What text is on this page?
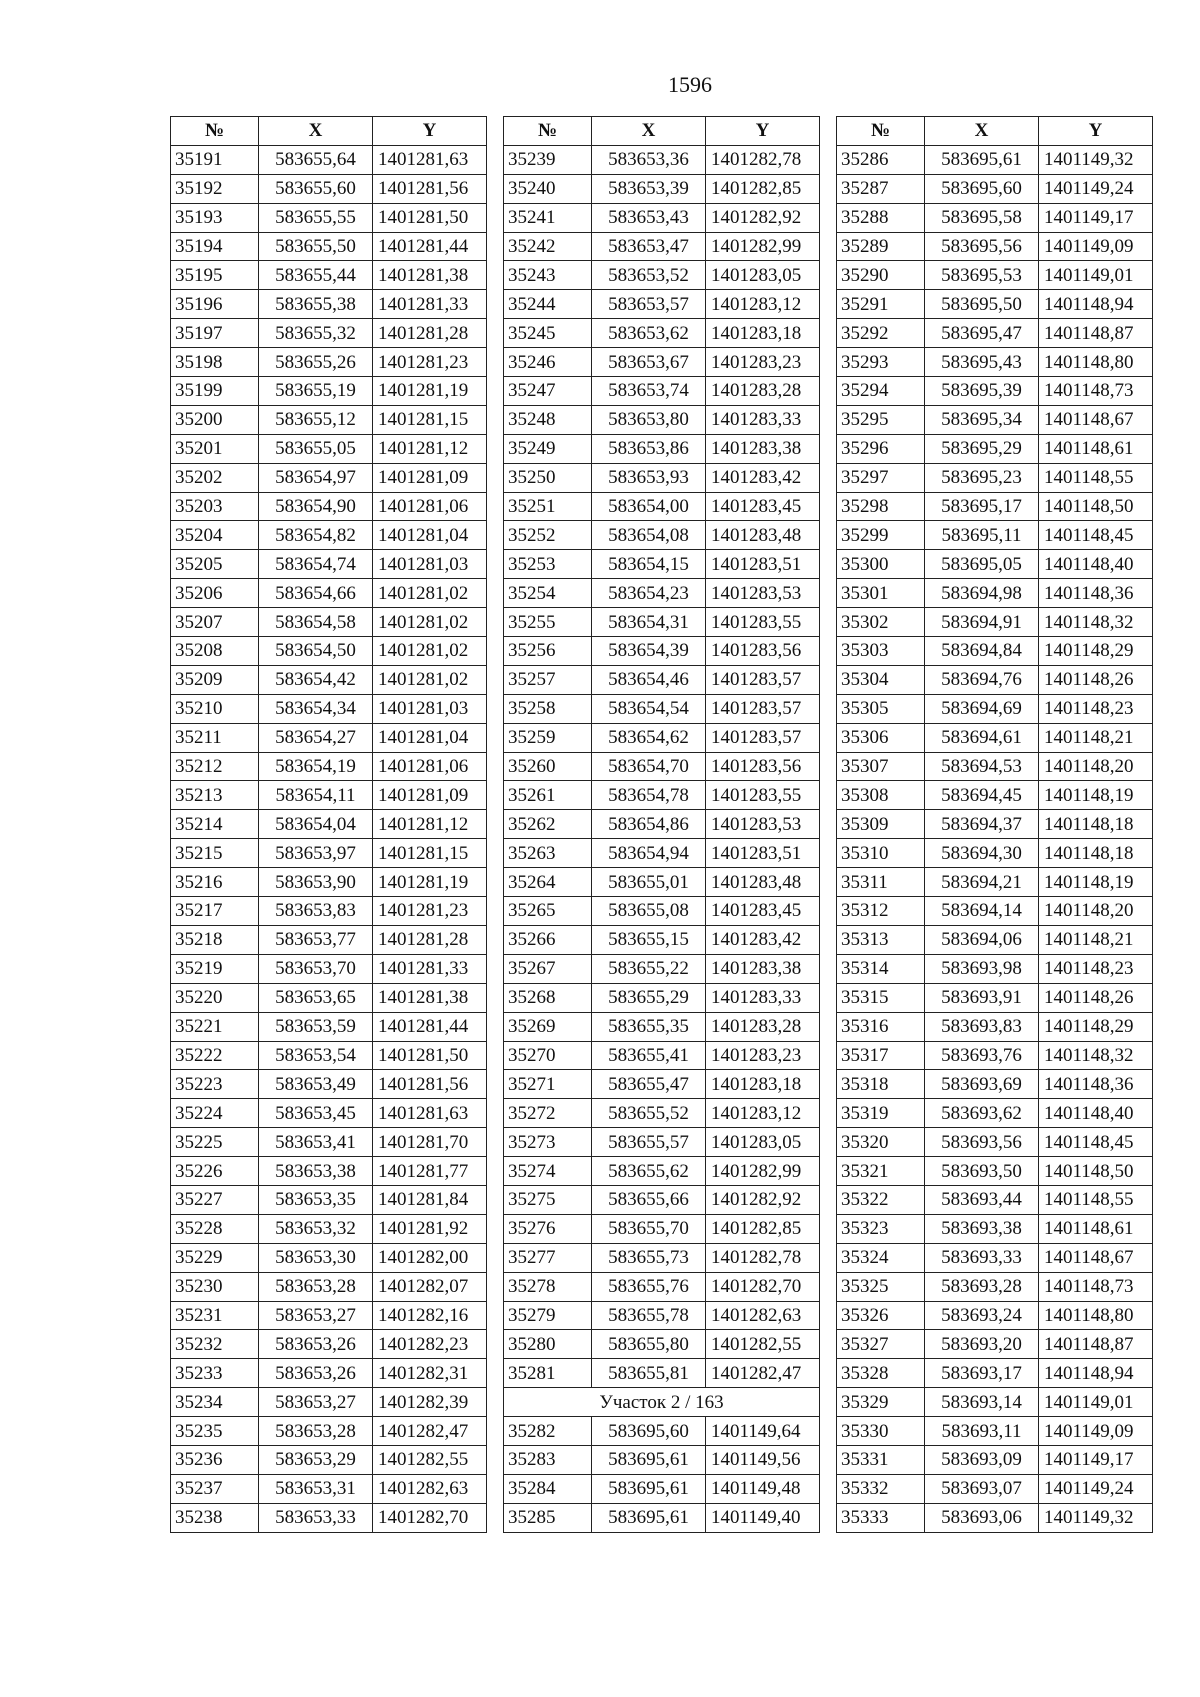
1596
№	X	Y
35191	583655,64	1401281,63
35192	583655,60	1401281,56
35193	583655,55	1401281,50
35194	583655,50	1401281,44
35195	583655,44	1401281,38
35196	583655,38	1401281,33
35197	583655,32	1401281,28
35198	583655,26	1401281,23
35199	583655,19	1401281,19
35200	583655,12	1401281,15
35201	583655,05	1401281,12
35202	583654,97	1401281,09
35203	583654,90	1401281,06
35204	583654,82	1401281,04
35205	583654,74	1401281,03
35206	583654,66	1401281,02
35207	583654,58	1401281,02
35208	583654,50	1401281,02
35209	583654,42	1401281,02
35210	583654,34	1401281,03
35211	583654,27	1401281,04
35212	583654,19	1401281,06
35213	583654,11	1401281,09
35214	583654,04	1401281,12
35215	583653,97	1401281,15
35216	583653,90	1401281,19
35217	583653,83	1401281,23
35218	583653,77	1401281,28
35219	583653,70	1401281,33
35220	583653,65	1401281,38
35221	583653,59	1401281,44
35222	583653,54	1401281,50
35223	583653,49	1401281,56
35224	583653,45	1401281,63
35225	583653,41	1401281,70
35226	583653,38	1401281,77
35227	583653,35	1401281,84
35228	583653,32	1401281,92
35229	583653,30	1401282,00
35230	583653,28	1401282,07
35231	583653,27	1401282,16
35232	583653,26	1401282,23
35233	583653,26	1401282,31
35234	583653,27	1401282,39
35235	583653,28	1401282,47
35236	583653,29	1401282,55
35237	583653,31	1401282,63
35238	583653,33	1401282,70
№	X	Y
35239	583653,36	1401282,78
35240	583653,39	1401282,85
35241	583653,43	1401282,92
35242	583653,47	1401282,99
35243	583653,52	1401283,05
35244	583653,57	1401283,12
35245	583653,62	1401283,18
35246	583653,67	1401283,23
35247	583653,74	1401283,28
35248	583653,80	1401283,33
35249	583653,86	1401283,38
35250	583653,93	1401283,42
35251	583654,00	1401283,45
35252	583654,08	1401283,48
35253	583654,15	1401283,51
35254	583654,23	1401283,53
35255	583654,31	1401283,55
35256	583654,39	1401283,56
35257	583654,46	1401283,57
35258	583654,54	1401283,57
35259	583654,62	1401283,57
35260	583654,70	1401283,56
35261	583654,78	1401283,55
35262	583654,86	1401283,53
35263	583654,94	1401283,51
35264	583655,01	1401283,48
35265	583655,08	1401283,45
35266	583655,15	1401283,42
35267	583655,22	1401283,38
35268	583655,29	1401283,33
35269	583655,35	1401283,28
35270	583655,41	1401283,23
35271	583655,47	1401283,18
35272	583655,52	1401283,12
35273	583655,57	1401283,05
35274	583655,62	1401282,99
35275	583655,66	1401282,92
35276	583655,70	1401282,85
35277	583655,73	1401282,78
35278	583655,76	1401282,70
35279	583655,78	1401282,63
35280	583655,80	1401282,55
35281	583655,81	1401282,47
Участок 2 / 163		
35282	583695,60	1401149,64
35283	583695,61	1401149,56
35284	583695,61	1401149,48
35285	583695,61	1401149,40
№	X	Y
35286	583695,61	1401149,32
35287	583695,60	1401149,24
35288	583695,58	1401149,17
35289	583695,56	1401149,09
35290	583695,53	1401149,01
35291	583695,50	1401148,94
35292	583695,47	1401148,87
35293	583695,43	1401148,80
35294	583695,39	1401148,73
35295	583695,34	1401148,67
35296	583695,29	1401148,61
35297	583695,23	1401148,55
35298	583695,17	1401148,50
35299	583695,11	1401148,45
35300	583695,05	1401148,40
35301	583694,98	1401148,36
35302	583694,91	1401148,32
35303	583694,84	1401148,29
35304	583694,76	1401148,26
35305	583694,69	1401148,23
35306	583694,61	1401148,21
35307	583694,53	1401148,20
35308	583694,45	1401148,19
35309	583694,37	1401148,18
35310	583694,30	1401148,18
35311	583694,21	1401148,19
35312	583694,14	1401148,20
35313	583694,06	1401148,21
35314	583693,98	1401148,23
35315	583693,91	1401148,26
35316	583693,83	1401148,29
35317	583693,76	1401148,32
35318	583693,69	1401148,36
35319	583693,62	1401148,40
35320	583693,56	1401148,45
35321	583693,50	1401148,50
35322	583693,44	1401148,55
35323	583693,38	1401148,61
35324	583693,33	1401148,67
35325	583693,28	1401148,73
35326	583693,24	1401148,80
35327	583693,20	1401148,87
35328	583693,17	1401148,94
35329	583693,14	1401149,01
35330	583693,11	1401149,09
35331	583693,09	1401149,17
35332	583693,07	1401149,24
35333	583693,06	1401149,32
